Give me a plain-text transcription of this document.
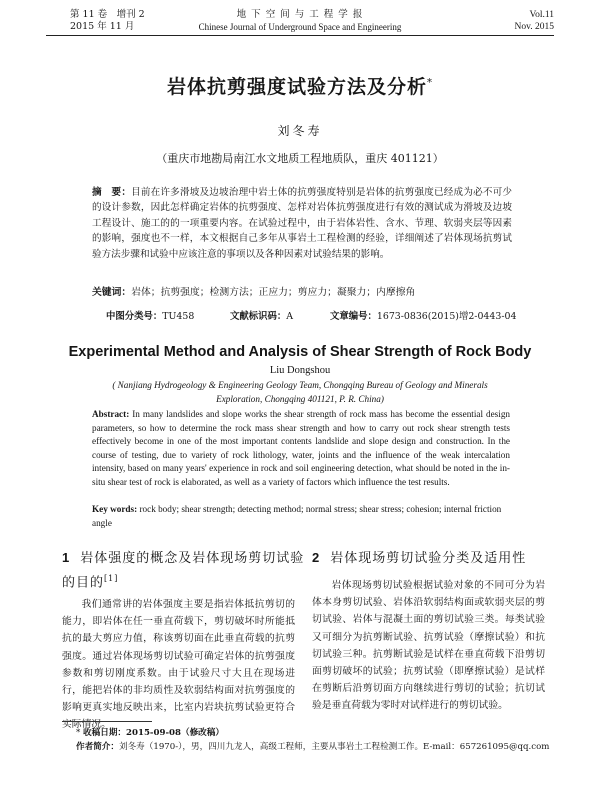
第 11 卷　增刊 2
2015 年 11 月
地 下 空 间 与 工 程 学 报
Chinese Journal of Underground Space and Engineering
Vol.11
Nov. 2015
岩体抗剪强度试验方法及分析*
刘冬寿
（重庆市地勘局南江水文地质工程地质队，重庆 401121）
摘　要：目前在许多滑坡及边坡治理中岩土体的抗剪强度特别是岩体的抗剪强度已经成为必不可少的设计参数，因此怎样确定岩体的抗剪强度、怎样对岩体抗剪强度进行有效的测试成为滑坡及边坡工程设计、施工的的一项重要内容。在试验过程中，由于岩体岩性、含水、节理、软弱夹层等因素的影响，强度也不一样，本文根据自己多年从事岩土工程检测的经验，详细阐述了岩体现场抗剪试验方法步骤和试验中应该注意的事项以及各种因素对试验结果的影响。
关键词：岩体；抗剪强度；检测方法；正应力；剪应力；凝聚力；内摩擦角
中图分类号：TU458	文献标识码：A	文章编号：1673-0836(2015)增2-0443-04
Experimental Method and Analysis of Shear Strength of Rock Body
Liu Dongshou
( Nanjiang Hydrogeology & Engineering Geology Team, Chongqing Bureau of Geology and Minerals Exploration, Chongqing 401121, P. R. China)
Abstract: In many landslides and slope works the shear strength of rock mass has become the essential design parameters, so how to determine the rock mass shear strength and how to carry out rock shear strength tests effectively become in one of the most important contents landslide and slope design and construction. In the course of testing, due to variety of rock lithology, water, joints and the influence of the weak intercalation intensity, based on many years' experience in rock and soil engineering detection, what should be noted in the in-situ shear test of rock is elaborated, as well as a variety of factors which influence the test results.
Key words: rock body; shear strength; detecting method; normal stress; shear stress; cohesion; internal friction angle
1 岩体强度的概念及岩体现场剪切试验的目的[1]
我们通常讲的岩体强度主要是指岩体抵抗剪切的能力，即岩体在任一垂直荷载下，剪切破坏时所能抵抗的最大剪应力值，称该剪切面在此垂直荷载的抗剪强度。通过岩体现场剪切试验可确定岩体的抗剪强度参数和剪切刚度系数。由于试验尺寸大且在现场进行，能把岩体的非均质性及软弱结构面对抗剪强度的影响更真实地反映出来，比室内岩块抗剪试验更符合实际情况。
2 岩体现场剪切试验分类及适用性
岩体现场剪切试验根据试验对象的不同可分为岩体本身剪切试验、岩体沿软弱结构面或软弱夹层的剪切试验、岩体与混凝土面的剪切试验三类。每类试验又可细分为抗剪断试验、抗剪试验（摩擦试验）和抗切试验三种。抗剪断试验是试样在垂直荷载下沿剪切面剪切破坏的试验；抗剪试验（即摩擦试验）是试样在剪断后沿剪切面方向继续进行剪切的试验；抗切试验是垂直荷载为零时对试样进行的剪切试验。
* 收稿日期：2015-09-08（修改稿）
作者简介：刘冬寿（1970-），男，四川九龙人，高级工程师，主要从事岩土工程检测工作。E-mail：657261095@qq.com
